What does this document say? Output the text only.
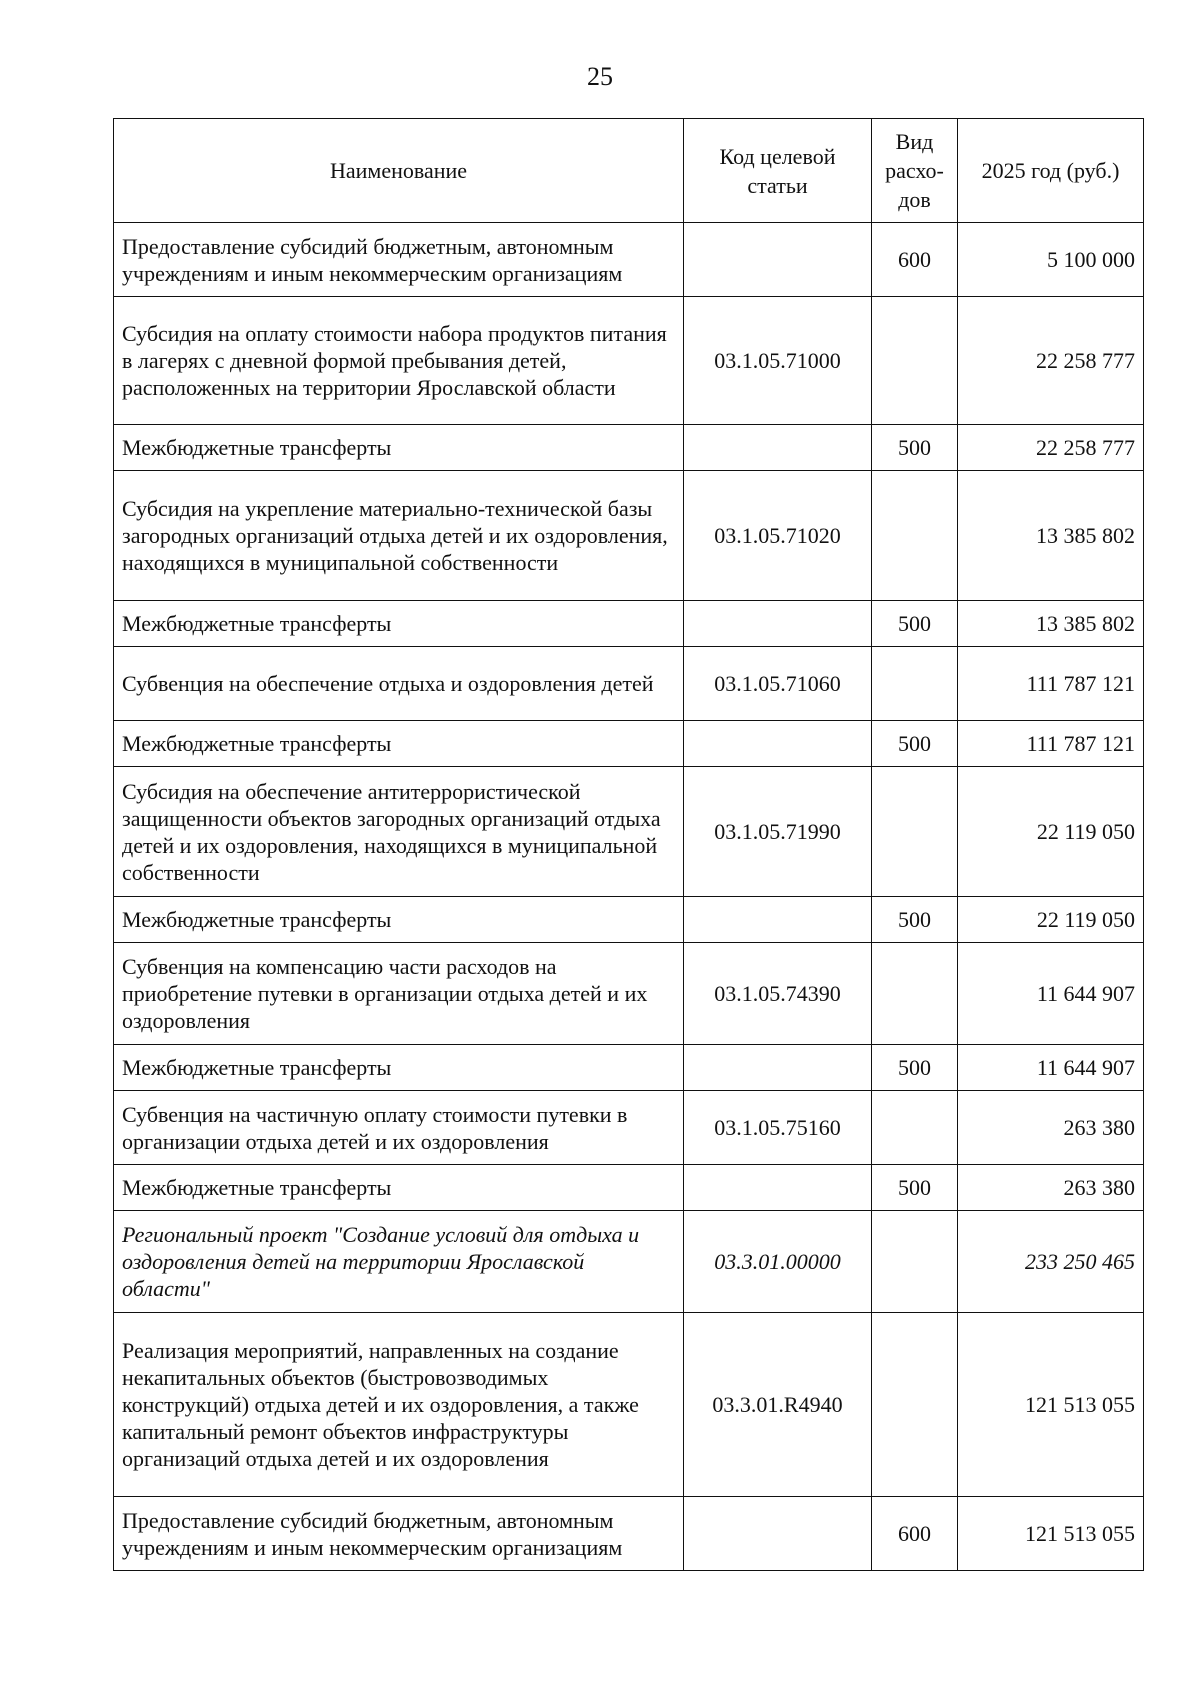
25
Наименование	Код целевой статьи	Вид расхо-дов	2025 год (руб.)
Предоставление субсидий бюджетным, автономным учреждениям и иным некоммерческим организациям		600	5 100 000
Субсидия на оплату стоимости набора продуктов питания в лагерях с дневной формой пребывания детей, расположенных на территории Ярославской области	03.1.05.71000		22 258 777
Межбюджетные трансферты		500	22 258 777
Субсидия на укрепление материально-технической базы загородных организаций отдыха детей и их оздоровления, находящихся в муниципальной собственности	03.1.05.71020		13 385 802
Межбюджетные трансферты		500	13 385 802
Субвенция на обеспечение отдыха и оздоровления детей	03.1.05.71060		111 787 121
Межбюджетные трансферты		500	111 787 121
Субсидия на обеспечение антитеррористической защищенности объектов загородных организаций отдыха детей и их оздоровления, находящихся в муниципальной собственности	03.1.05.71990		22 119 050
Межбюджетные трансферты		500	22 119 050
Субвенция на компенсацию части расходов на приобретение путевки в организации отдыха детей и их оздоровления	03.1.05.74390		11 644 907
Межбюджетные трансферты		500	11 644 907
Субвенция на частичную оплату стоимости путевки в организации отдыха детей и их оздоровления	03.1.05.75160		263 380
Межбюджетные трансферты		500	263 380
Региональный проект "Создание условий для отдыха и оздоровления детей на территории Ярославской области"	03.3.01.00000		233 250 465
Реализация мероприятий, направленных на создание некапитальных объектов (быстровозводимых конструкций) отдыха детей и их оздоровления, а также капитальный ремонт объектов инфраструктуры организаций отдыха детей и их оздоровления	03.3.01.R4940		121 513 055
Предоставление субсидий бюджетным, автономным учреждениям и иным некоммерческим организациям		600	121 513 055
